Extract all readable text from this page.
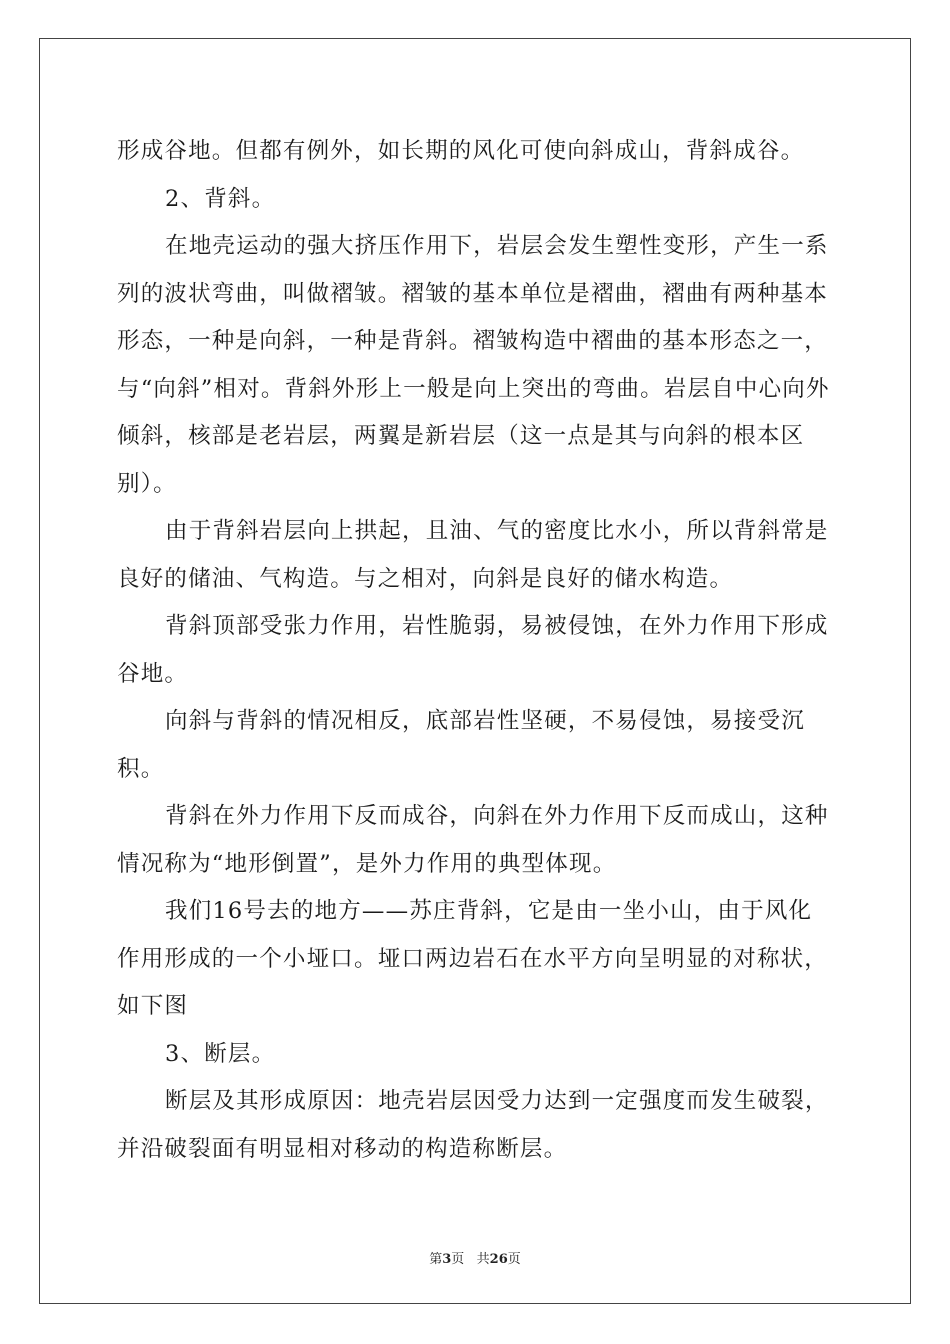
形成谷地。但都有例外，如长期的风化可使向斜成山，背斜成谷。

2、背斜。

在地壳运动的强大挤压作用下，岩层会发生塑性变形，产生一系列的波状弯曲，叫做褶皱。褶皱的基本单位是褶曲，褶曲有两种基本形态，一种是向斜，一种是背斜。褶皱构造中褶曲的基本形态之一，与“向斜”相对。背斜外形上一般是向上突出的弯曲。岩层自中心向外倾斜，核部是老岩层，两翼是新岩层（这一点是其与向斜的根本区别）。

由于背斜岩层向上拱起，且油、气的密度比水小，所以背斜常是良好的储油、气构造。与之相对，向斜是良好的储水构造。

背斜顶部受张力作用，岩性脆弱，易被侵蚀，在外力作用下形成谷地。

向斜与背斜的情况相反，底部岩性坚硬，不易侵蚀，易接受沉积。

背斜在外力作用下反而成谷，向斜在外力作用下反而成山，这种情况称为“地形倒置”，是外力作用的典型体现。

我们16号去的地方——苏庄背斜，它是由一坐小山，由于风化作用形成的一个小垭口。垭口两边岩石在水平方向呈明显的对称状，如下图

3、断层。

断层及其形成原因：地壳岩层因受力达到一定强度而发生破裂，并沿破裂面有明显相对移动的构造称断层。

第3页   共26页
